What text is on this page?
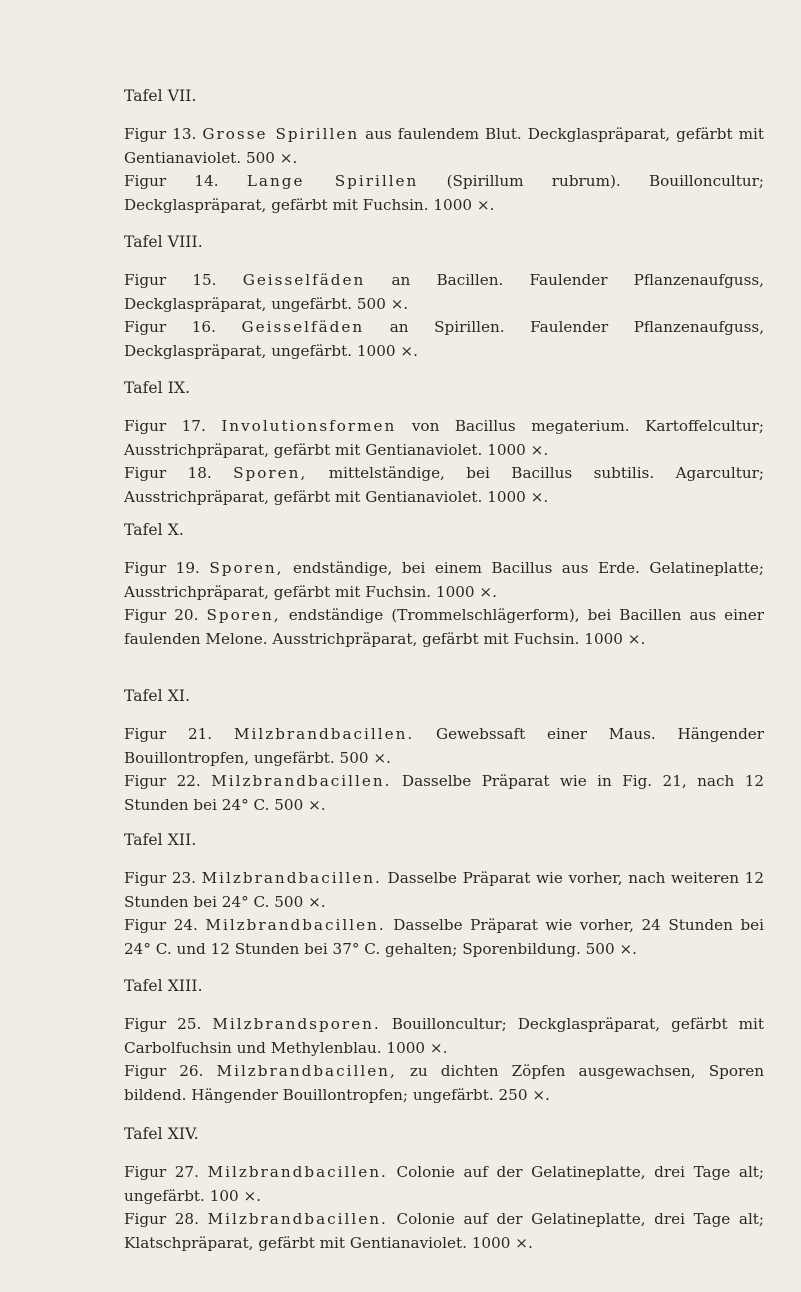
Tafel VII.

Figur 13. Grosse Spirillen aus faulendem Blut. Deckglaspräparat, gefärbt mit Gentianaviolet. 500 ×.

Figur 14. Lange Spirillen (Spirillum rubrum). Bouilloncultur; Deckglaspräparat, gefärbt mit Fuchsin. 1000 ×.

Tafel VIII.

Figur 15. Geisselfäden an Bacillen. Faulender Pflanzenaufguss, Deckglaspräparat, ungefärbt. 500 ×.

Figur 16. Geisselfäden an Spirillen. Faulender Pflanzenaufguss, Deckglaspräparat, ungefärbt. 1000 ×.

Tafel IX.

Figur 17. Involutionsformen von Bacillus megaterium. Kartoffelcultur; Ausstrichpräparat, gefärbt mit Gentianaviolet. 1000 ×.

Figur 18. Sporen, mittelständige, bei Bacillus subtilis. Agarcultur; Ausstrichpräparat, gefärbt mit Gentianaviolet. 1000 ×.

Tafel X.

Figur 19. Sporen, endständige, bei einem Bacillus aus Erde. Gelatineplatte; Ausstrichpräparat, gefärbt mit Fuchsin. 1000 ×.

Figur 20. Sporen, endständige (Trommelschlägerform), bei Bacillen aus einer faulenden Melone. Ausstrichpräparat, gefärbt mit Fuchsin. 1000 ×.

Tafel XI.

Figur 21. Milzbrandbacillen. Gewebssaft einer Maus. Hängender Bouillontropfen, ungefärbt. 500 ×.

Figur 22. Milzbrandbacillen. Dasselbe Präparat wie in Fig. 21, nach 12 Stunden bei 24° C. 500 ×.

Tafel XII.

Figur 23. Milzbrandbacillen. Dasselbe Präparat wie vorher, nach weiteren 12 Stunden bei 24° C. 500 ×.

Figur 24. Milzbrandbacillen. Dasselbe Präparat wie vorher, 24 Stunden bei 24° C. und 12 Stunden bei 37° C. gehalten; Sporenbildung. 500 ×.

Tafel XIII.

Figur 25. Milzbrandsporen. Bouilloncultur; Deckglaspräparat, gefärbt mit Carbolfuchsin und Methylenblau. 1000 ×.

Figur 26. Milzbrandbacillen, zu dichten Zöpfen ausgewachsen, Sporen bildend. Hängender Bouillontropfen; ungefärbt. 250 ×.

Tafel XIV.

Figur 27. Milzbrandbacillen. Colonie auf der Gelatineplatte, drei Tage alt; ungefärbt. 100 ×.

Figur 28. Milzbrandbacillen. Colonie auf der Gelatineplatte, drei Tage alt; Klatschpräparat, gefärbt mit Gentianaviolet. 1000 ×.
